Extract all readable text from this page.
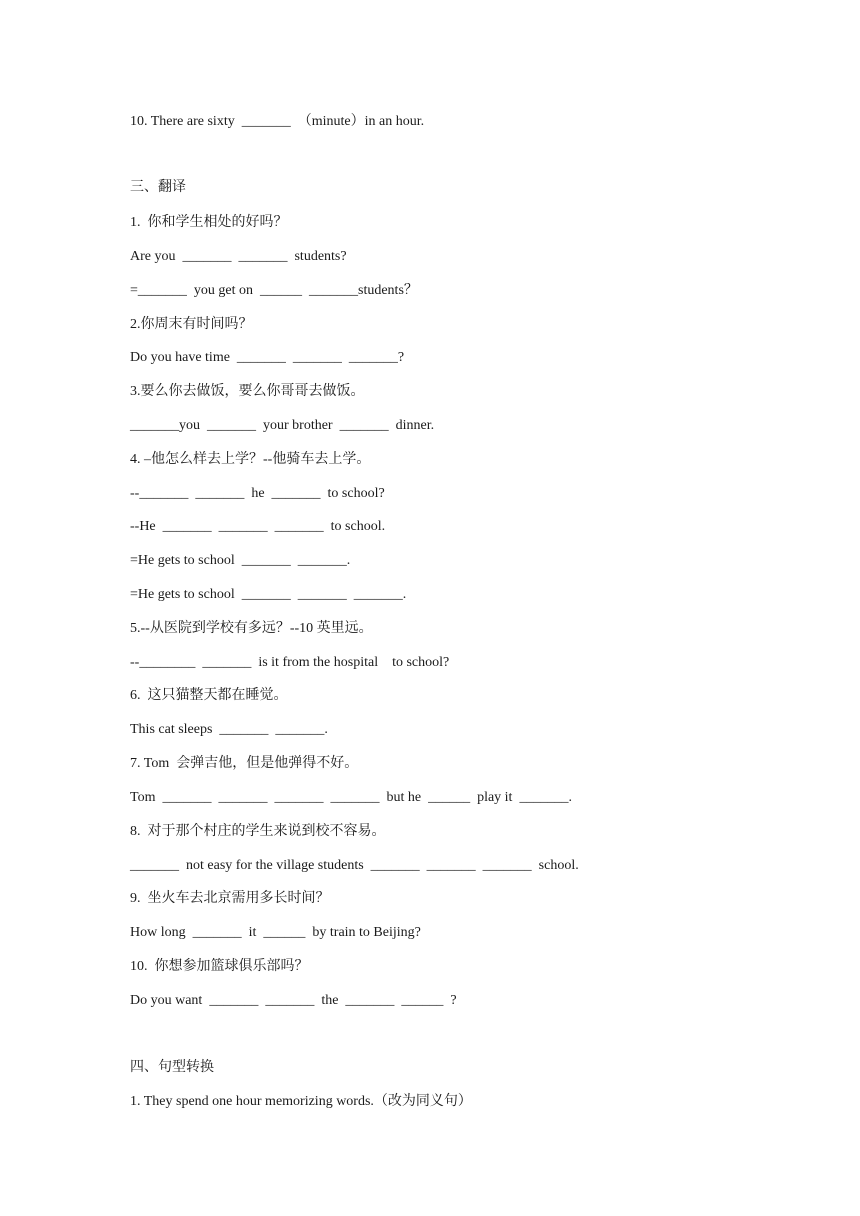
10. There are sixty  _______  （minute）in an hour.
三、翻译
1.  你和学生相处的好吗？
Are you  _______  _______  students?
=_______  you get on  ______  _______students？
2.你周末有时间吗？
Do you have time  _______  _______  _______?
3.要么你去做饭，要么你哥哥去做饭。
_______you  _______  your brother  _______  dinner.
4. –他怎么样去上学？--他骑车去上学。
--_______  _______  he  _______  to school?
--He  _______  _______  _______  to school.
=He gets to school  _______  _______.
=He gets to school  _______  _______  _______.
5.--从医院到学校有多远？--10 英里远。
--________  _______  is it from the hospital    to school?
6.  这只猫整天都在睡觉。
This cat sleeps  _______  _______.
7. Tom  会弹吉他，但是他弹得不好。
Tom  _______  _______  _______  _______  but he  ______  play it  _______.
8.  对于那个村庄的学生来说到校不容易。
_______  not easy for the village students  _______  _______  _______  school.
9.  坐火车去北京需用多长时间？
How long  _______  it  ______  by train to Beijing?
10.  你想参加篮球俱乐部吗？
Do you want  _______  _______  the  _______  ______  ?
四、句型转换
1. They spend one hour memorizing words.（改为同义句）
